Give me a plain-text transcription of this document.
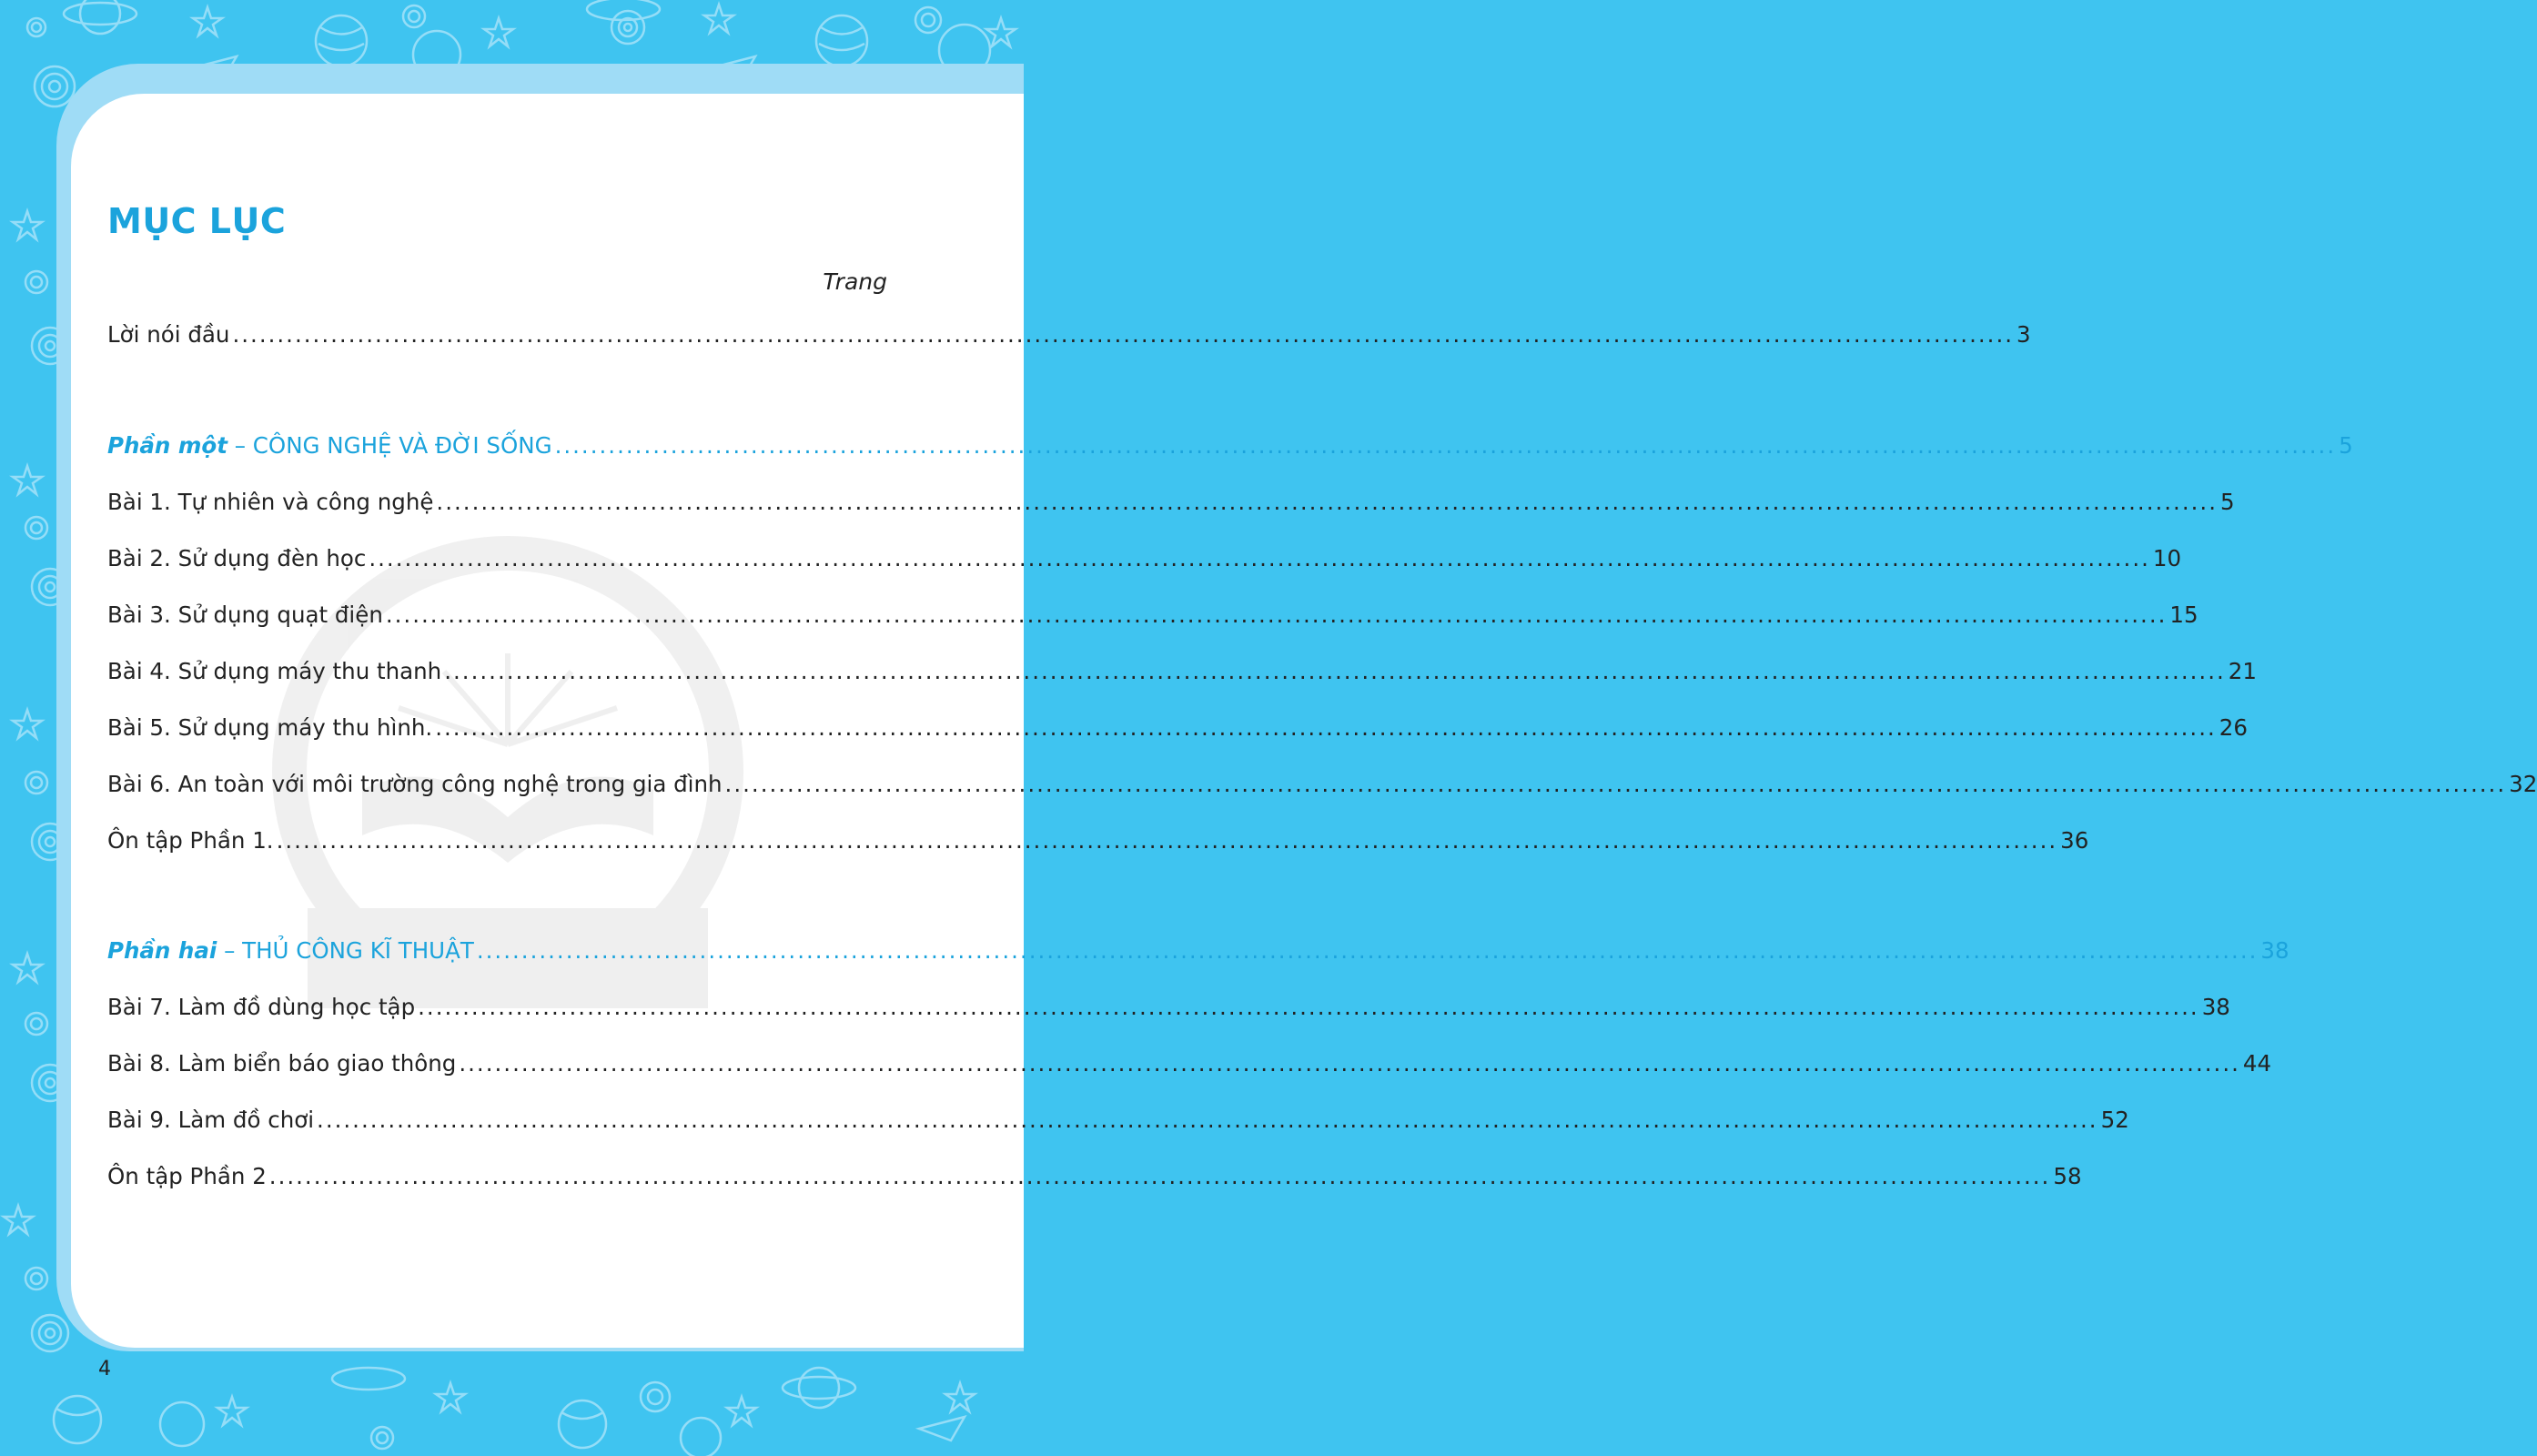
MỤC LỤC
Trang
Lời nói đầu ........................................................................................................................................................................................................ 3
Phần một – CÔNG NGHỆ VÀ ĐỜI SỐNG ........................................................................................................................................................................................................ 5
Bài 1. Tự nhiên và công nghệ ........................................................................................................................................................................................................ 5
Bài 2. Sử dụng đèn học ........................................................................................................................................................................................................ 10
Bài 3. Sử dụng quạt điện ........................................................................................................................................................................................................ 15
Bài 4. Sử dụng máy thu thanh ........................................................................................................................................................................................................ 21
Bài 5. Sử dụng máy thu hình. ........................................................................................................................................................................................................ 26
Bài 6. An toàn với môi trường công nghệ trong gia đình ........................................................................................................................................................................................................ 32
Ôn tập Phần 1. ........................................................................................................................................................................................................ 36
Phần hai – THỦ CÔNG KĨ THUẬT ........................................................................................................................................................................................................ 38
Bài 7. Làm đồ dùng học tập ........................................................................................................................................................................................................ 38
Bài 8. Làm biển báo giao thông ........................................................................................................................................................................................................ 44
Bài 9. Làm đồ chơi ........................................................................................................................................................................................................ 52
Ôn tập Phần 2 ........................................................................................................................................................................................................ 58
4
